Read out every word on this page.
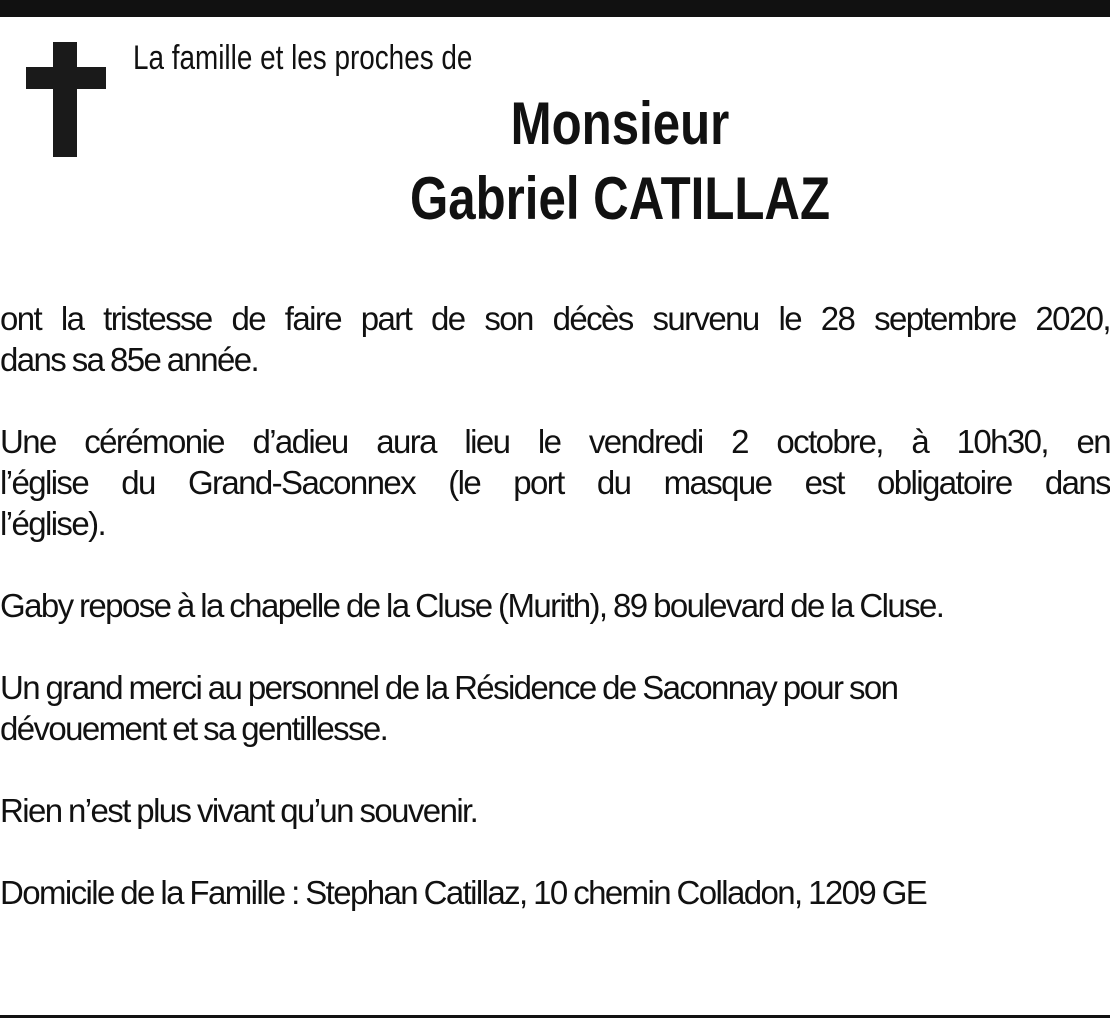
La famille et les proches de
Monsieur
Gabriel CATILLAZ
ont la tristesse de faire part de son décès survenu le 28 septembre 2020,
dans sa 85e année.
Une cérémonie d’adieu aura lieu le vendredi 2 octobre, à 10h30, en
l’église du Grand-Saconnex (le port du masque est obligatoire dans
l’église).
Gaby repose à la chapelle de la Cluse (Murith), 89 boulevard de la Cluse.
Un grand merci au personnel de la Résidence de Saconnay pour son
dévouement et sa gentillesse.
Rien n’est plus vivant qu’un souvenir.
Domicile de la Famille : Stephan Catillaz, 10 chemin Colladon, 1209 GE
